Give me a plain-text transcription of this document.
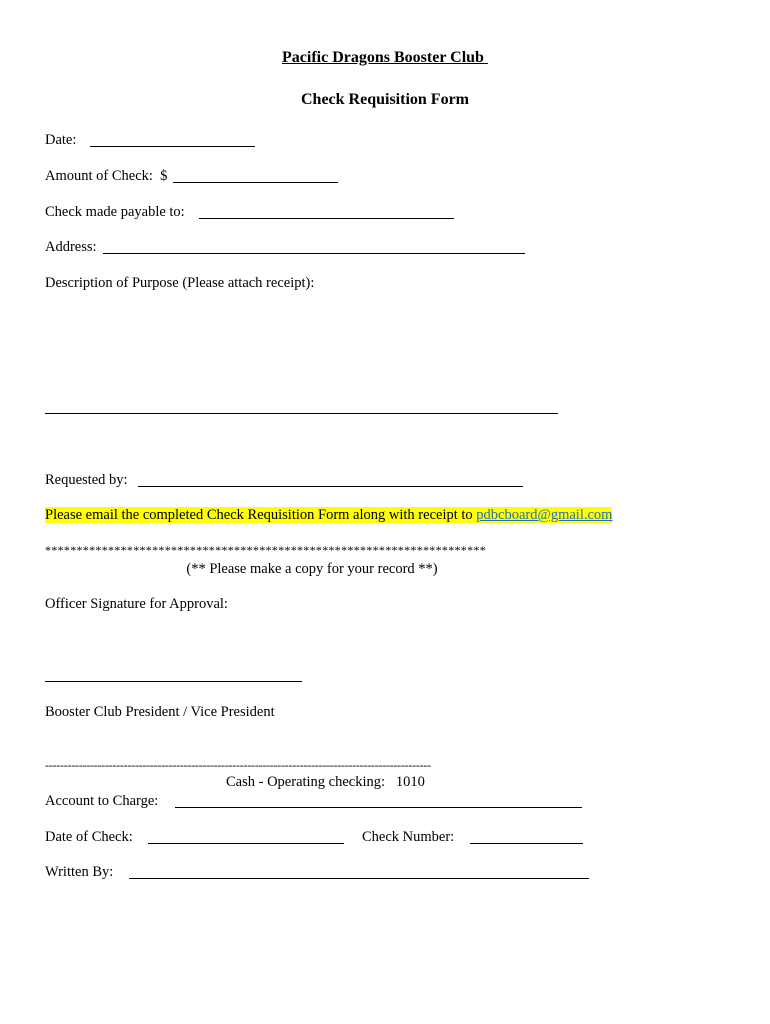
Pacific Dragons Booster Club
Check Requisition Form
Date:
Amount of Check:  $
Check made payable to:
Address:
Description of Purpose (Please attach receipt):
Requested by:
Please email the completed Check Requisition Form along with receipt to pdbcboard@gmail.com
**********************************************************************
(** Please make a copy for your record **)
Officer Signature for Approval:
Booster Club President / Vice President
-------------------------------------------------------------------------------------------------------
Cash - Operating checking:   1010
Account to Charge:
Date of Check:	Check Number:
Written By:
